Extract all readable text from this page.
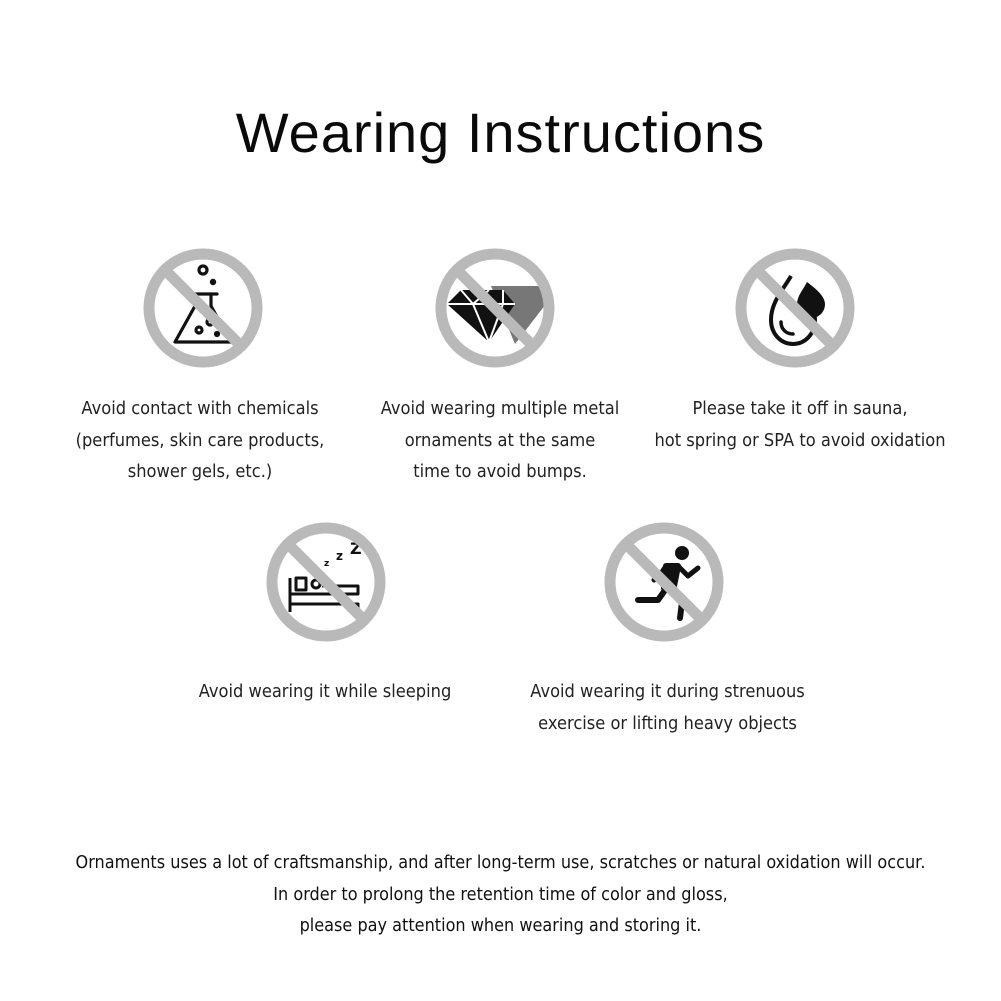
Wearing Instructions
Avoid contact with chemicals
(perfumes, skin care products,
shower gels, etc.)
Avoid wearing multiple metal
ornaments at the same
time to avoid bumps.
Please take it off in sauna,
hot spring or SPA to avoid oxidation
z
z Z
Avoid wearing it while sleeping	Avoid wearing it during strenuous
exercise or lifting heavy objects
Ornaments uses a lot of craftsmanship, and after long-term use, scratches or natural oxidation will occur.
In order to prolong the retention time of color and gloss,
please pay attention when wearing and storing it.
